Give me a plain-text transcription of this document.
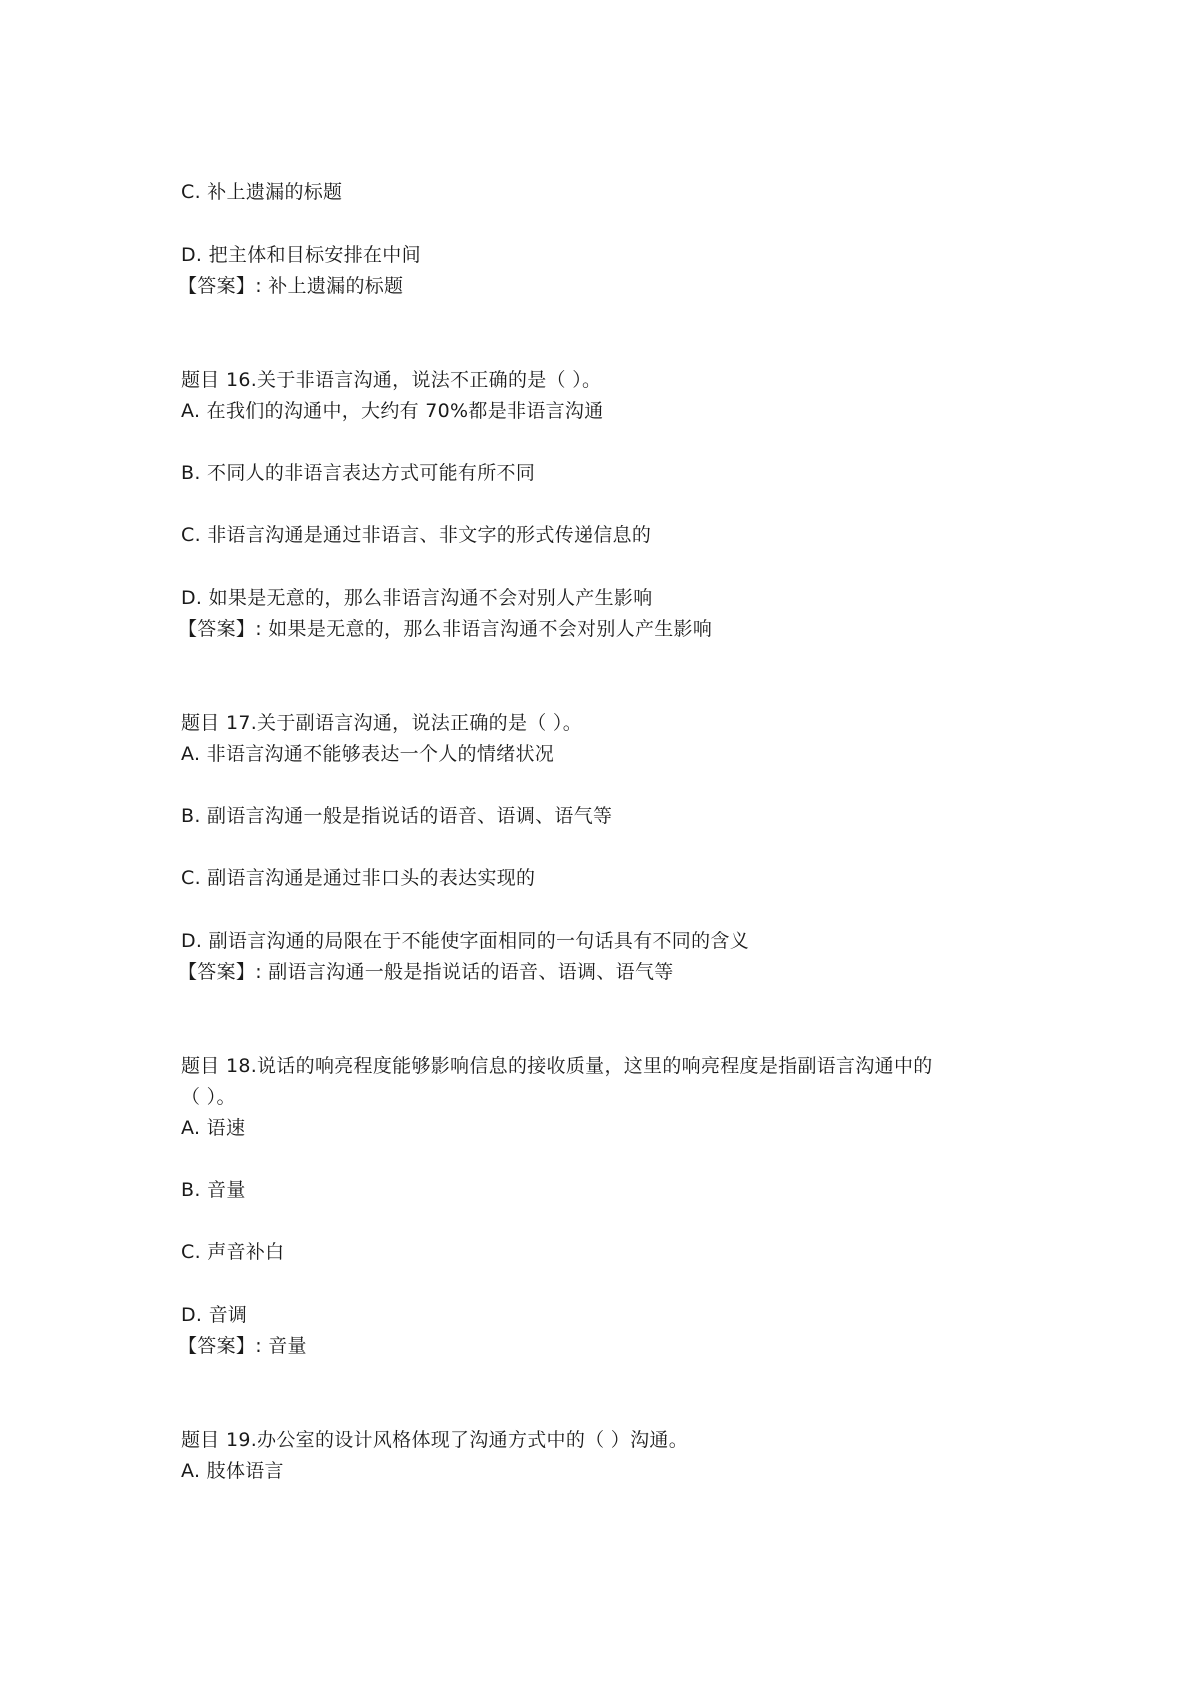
C. 补上遗漏的标题
D. 把主体和目标安排在中间
【答案】: 补上遗漏的标题
题目 16.关于非语言沟通，说法不正确的是（ ）。
A. 在我们的沟通中，大约有 70%都是非语言沟通
B. 不同人的非语言表达方式可能有所不同
C. 非语言沟通是通过非语言、非文字的形式传递信息的
D. 如果是无意的，那么非语言沟通不会对别人产生影响
【答案】: 如果是无意的，那么非语言沟通不会对别人产生影响
题目 17.关于副语言沟通，说法正确的是（ ）。
A. 非语言沟通不能够表达一个人的情绪状况
B. 副语言沟通一般是指说话的语音、语调、语气等
C. 副语言沟通是通过非口头的表达实现的
D. 副语言沟通的局限在于不能使字面相同的一句话具有不同的含义
【答案】: 副语言沟通一般是指说话的语音、语调、语气等
题目 18.说话的响亮程度能够影响信息的接收质量，这里的响亮程度是指副语言沟通中的
（ ）。
A. 语速
B. 音量
C. 声音补白
D. 音调
【答案】: 音量
题目 19.办公室的设计风格体现了沟通方式中的（ ）沟通。
A. 肢体语言
